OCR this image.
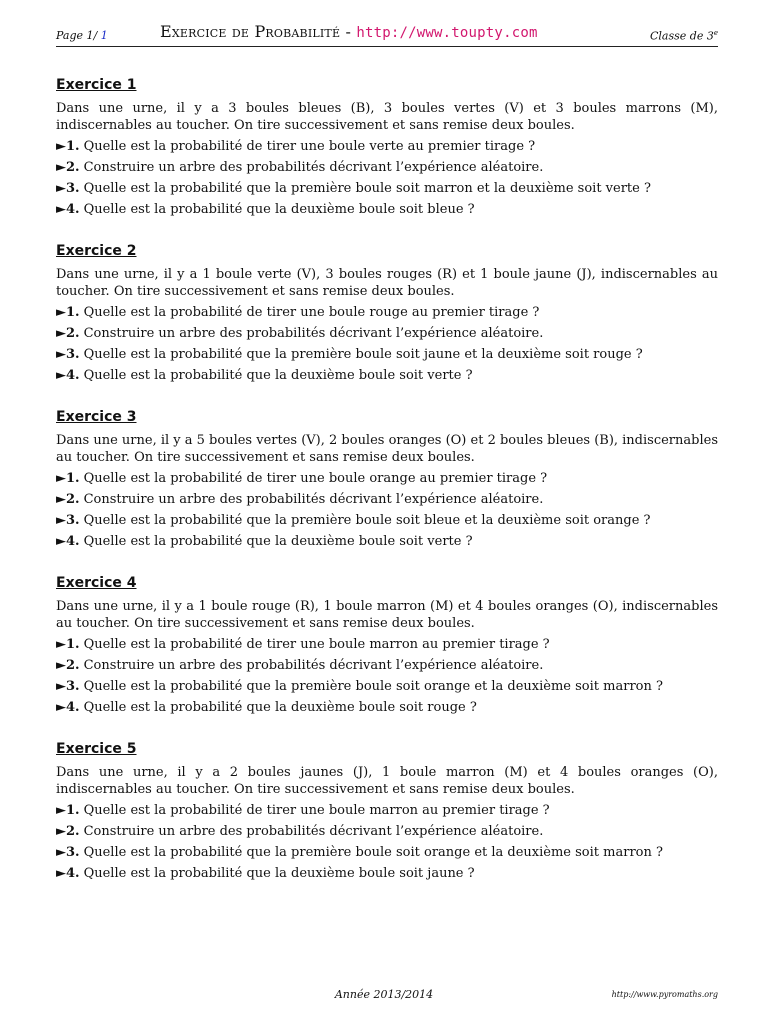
Page 1/ 1	Exercice de Probabilité - http://www.toupty.com	Classe de 3e
Exercice 1

Dans une urne, il y a 3 boules bleues (B), 3 boules vertes (V) et 3 boules marrons (M), indiscernables au toucher. On tire successivement et sans remise deux boules.

►1. Quelle est la probabilité de tirer une boule verte au premier tirage ?
►2. Construire un arbre des probabilités décrivant l’expérience aléatoire.
►3. Quelle est la probabilité que la première boule soit marron et la deuxième soit verte ?
►4. Quelle est la probabilité que la deuxième boule soit bleue ?
Exercice 2

Dans une urne, il y a 1 boule verte (V), 3 boules rouges (R) et 1 boule jaune (J), indiscernables au toucher. On tire successivement et sans remise deux boules.

►1. Quelle est la probabilité de tirer une boule rouge au premier tirage ?
►2. Construire un arbre des probabilités décrivant l’expérience aléatoire.
►3. Quelle est la probabilité que la première boule soit jaune et la deuxième soit rouge ?
►4. Quelle est la probabilité que la deuxième boule soit verte ?
Exercice 3

Dans une urne, il y a 5 boules vertes (V), 2 boules oranges (O) et 2 boules bleues (B), indiscernables au toucher. On tire successivement et sans remise deux boules.

►1. Quelle est la probabilité de tirer une boule orange au premier tirage ?
►2. Construire un arbre des probabilités décrivant l’expérience aléatoire.
►3. Quelle est la probabilité que la première boule soit bleue et la deuxième soit orange ?
►4. Quelle est la probabilité que la deuxième boule soit verte ?
Exercice 4

Dans une urne, il y a 1 boule rouge (R), 1 boule marron (M) et 4 boules oranges (O), indiscernables au toucher. On tire successivement et sans remise deux boules.

►1. Quelle est la probabilité de tirer une boule marron au premier tirage ?
►2. Construire un arbre des probabilités décrivant l’expérience aléatoire.
►3. Quelle est la probabilité que la première boule soit orange et la deuxième soit marron ?
►4. Quelle est la probabilité que la deuxième boule soit rouge ?
Exercice 5

Dans une urne, il y a 2 boules jaunes (J), 1 boule marron (M) et 4 boules oranges (O), indiscernables au toucher. On tire successivement et sans remise deux boules.

►1. Quelle est la probabilité de tirer une boule marron au premier tirage ?
►2. Construire un arbre des probabilités décrivant l’expérience aléatoire.
►3. Quelle est la probabilité que la première boule soit orange et la deuxième soit marron ?
►4. Quelle est la probabilité que la deuxième boule soit jaune ?
Année 2013/2014	http://www.pyromaths.org
